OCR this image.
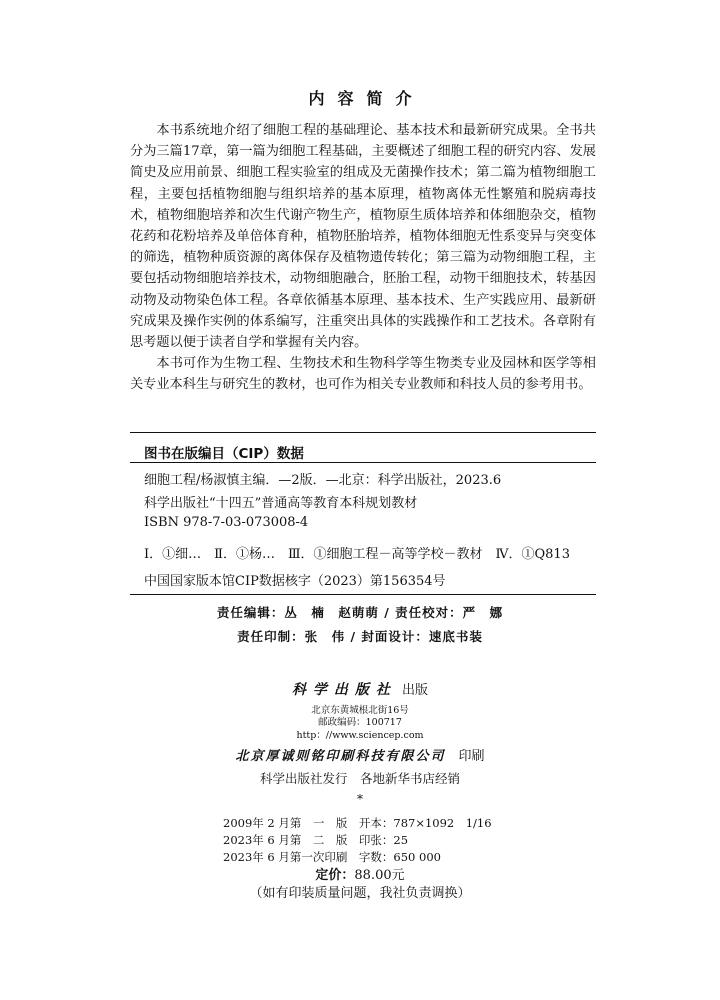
内容简介

本书系统地介绍了细胞工程的基础理论、基本技术和最新研究成果。全书共分为三篇17章，第一篇为细胞工程基础，主要概述了细胞工程的研究内容、发展简史及应用前景、细胞工程实验室的组成及无菌操作技术；第二篇为植物细胞工程，主要包括植物细胞与组织培养的基本原理，植物离体无性繁殖和脱病毒技术，植物细胞培养和次生代谢产物生产，植物原生质体培养和体细胞杂交，植物花药和花粉培养及单倍体育种，植物胚胎培养，植物体细胞无性系变异与突变体的筛选，植物种质资源的离体保存及植物遗传转化；第三篇为动物细胞工程，主要包括动物细胞培养技术，动物细胞融合，胚胎工程，动物干细胞技术，转基因动物及动物染色体工程。各章依循基本原理、基本技术、生产实践应用、最新研究成果及操作实例的体系编写，注重突出具体的实践操作和工艺技术。各章附有思考题以便于读者自学和掌握有关内容。

本书可作为生物工程、生物技术和生物科学等生物类专业及园林和医学等相关专业本科生与研究生的教材，也可作为相关专业教师和科技人员的参考用书。

图书在版编目（CIP）数据
细胞工程/杨淑慎主编．—2版．—北京：科学出版社，2023.6
科学出版社“十四五”普通高等教育本科规划教材
ISBN 978-7-03-073008-4
Ⅰ．①细…　Ⅱ．①杨…　Ⅲ．①细胞工程－高等学校－教材　Ⅳ．①Q813
中国国家版本馆CIP数据核字（2023）第156354号
责任编辑：丛　楠　赵萌萌 / 责任校对：严　娜
责任印制：张　伟 / 封面设计：速底书装
科学出版社 出版
北京东黄城根北街16号
邮政编码：100717
http：//www.sciencep.com
北京厚诚则铭印刷科技有限公司 印刷
科学出版社发行　各地新华书店经销
*
2009年 2 月第　一　版　开本：787×1092　1/16
2023年 6 月第　二　版　印张：25
2023年 6 月第一次印刷　字数：650 000
定价：88.00元
（如有印装质量问题，我社负责调换）
